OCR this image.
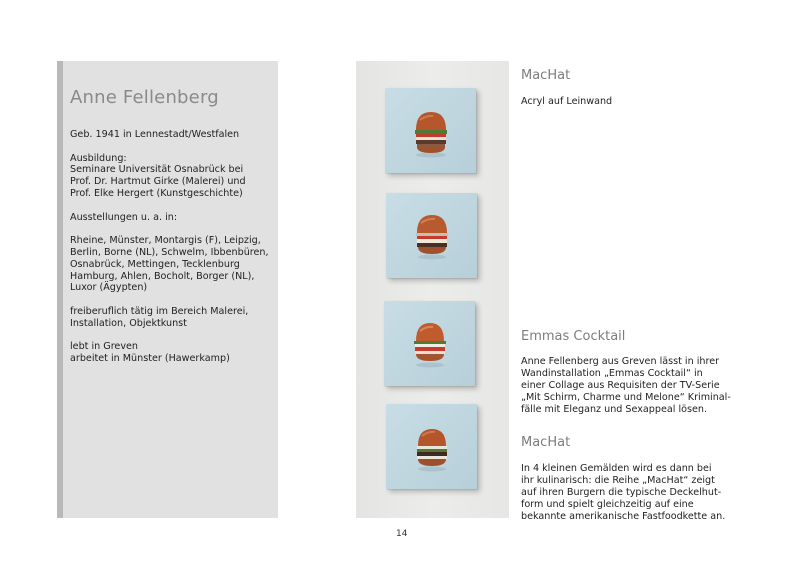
Anne Fellenberg

Geb. 1941 in Lennestadt/Westfalen

Ausbildung:
Seminare Universität Osnabrück bei
Prof. Dr. Hartmut Girke (Malerei) und
Prof. Elke Hergert (Kunstgeschichte)

Ausstellungen u. a. in:

Rheine, Münster, Montargis (F), Leipzig,
Berlin, Borne (NL), Schwelm, Ibbenbüren,
Osnabrück, Mettingen, Tecklenburg
Hamburg, Ahlen, Bocholt, Borger (NL),
Luxor (Ägypten)

freiberuflich tätig im Bereich Malerei,
Installation, Objektkunst

lebt in Greven
arbeitet in Münster (Hawerkamp)

14
MacHat
Acryl auf Leinwand
Emmas Cocktail
Anne Fellenberg aus Greven lässt in ihrer
Wandinstallation „Emmas Cocktail“ in
einer Collage aus Requisiten der TV-Serie
„Mit Schirm, Charme und Melone“ Kriminal-
fälle mit Eleganz und Sexappeal lösen.
MacHat
In 4 kleinen Gemälden wird es dann bei
ihr kulinarisch: die Reihe „MacHat“ zeigt
auf ihren Burgern die typische Deckelhut-
form und spielt gleichzeitig auf eine
bekannte amerikanische Fastfoodkette an.
